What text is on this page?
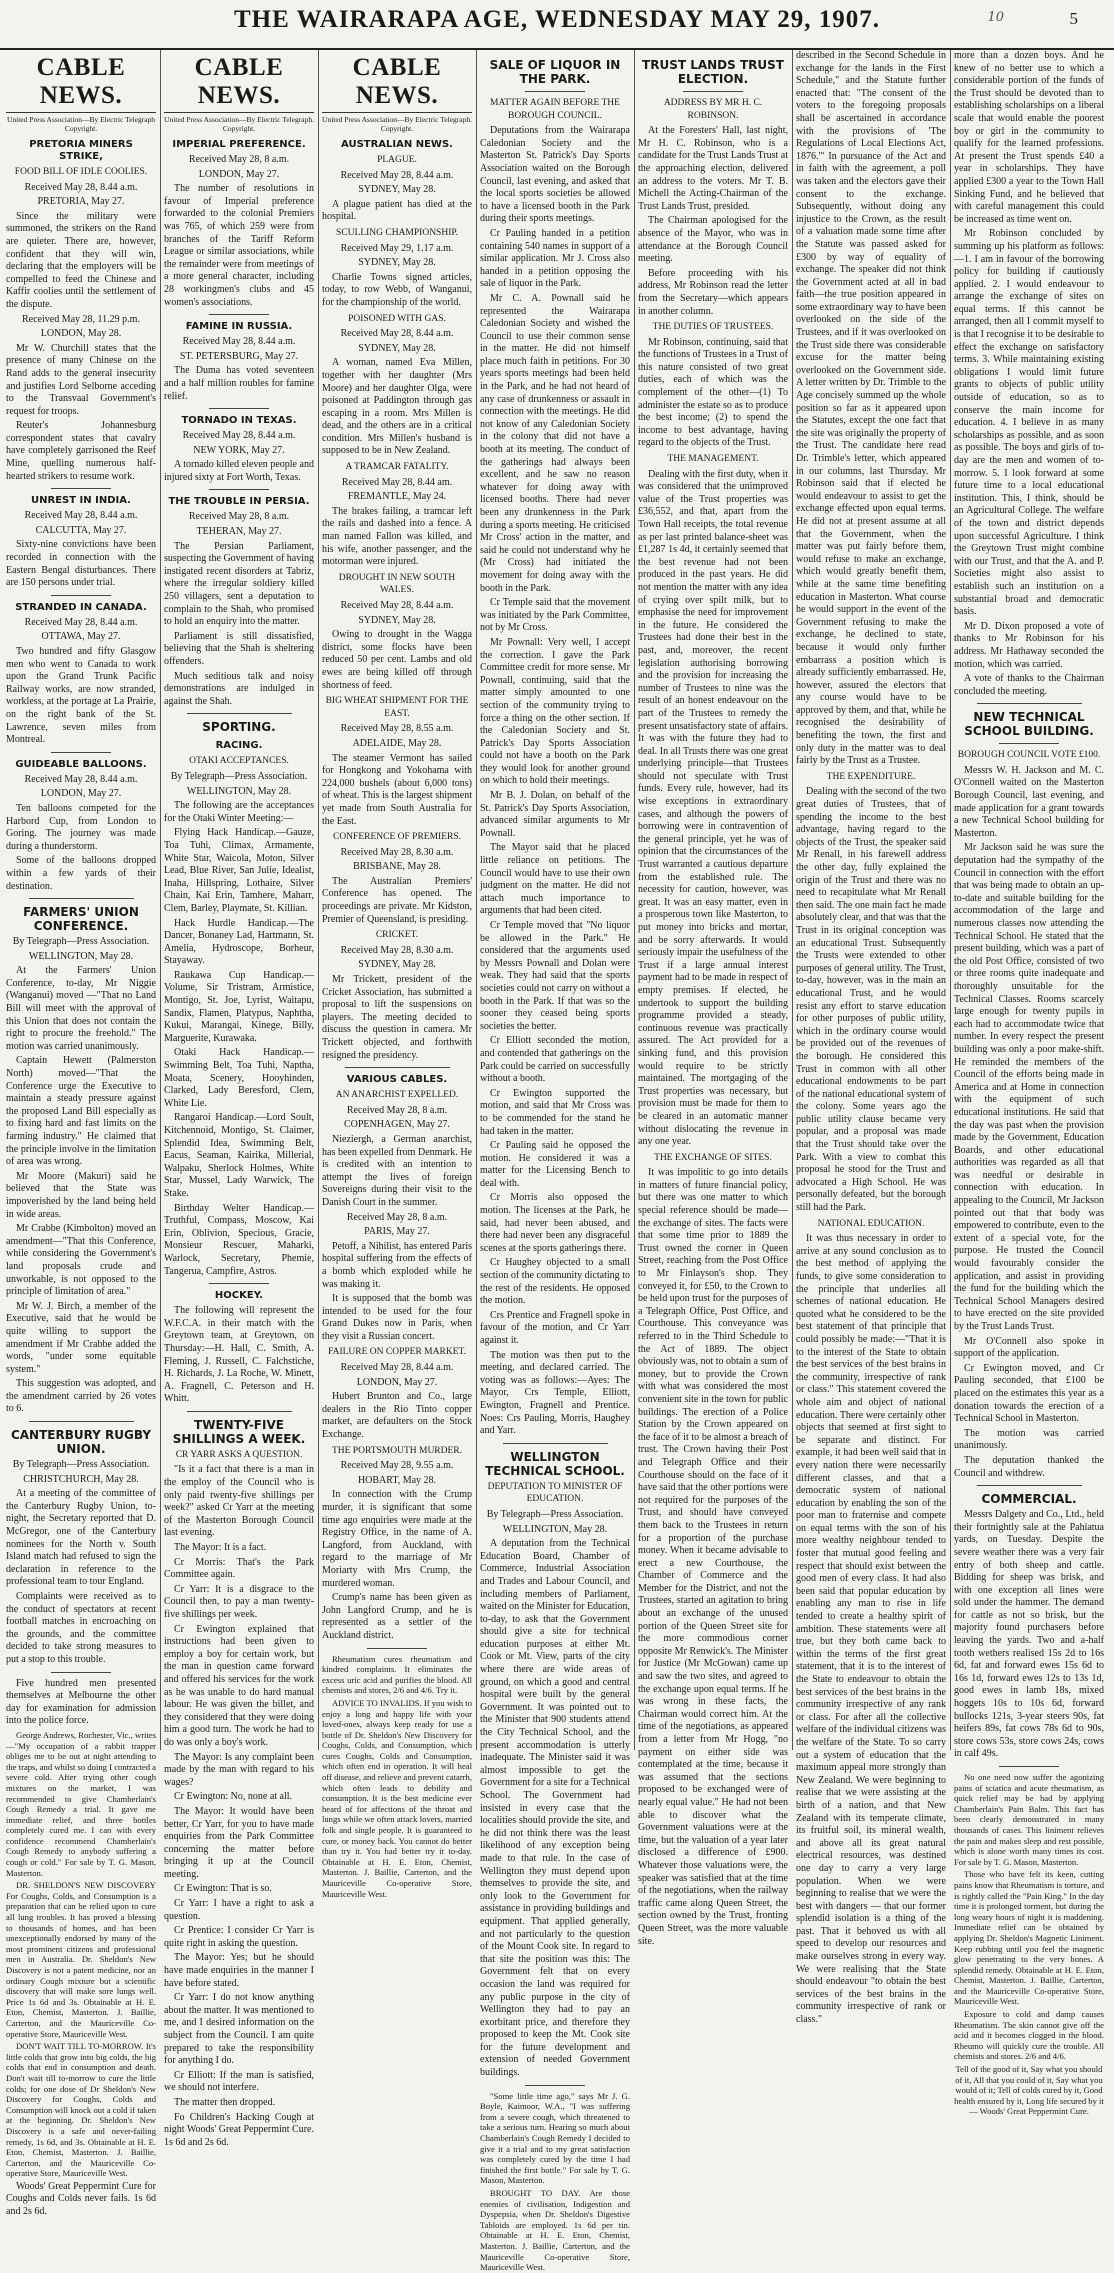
THE WAIRARAPA AGE, WEDNESDAY MAY 29, 1907.	10	5
CABLE NEWS.
United Press Association—By Electric Telegraph Copyright.
PRETORIA MINERS STRIKE,
FOOD BILL OF IDLE COOLIES.
Received May 28, 8.44 a.m.
PRETORIA, May 27.

Since the military were summoned, the strikers on the Rand are quieter. There are, however, confident that they will win, declaring that the employers will be compelled to feed the Chinese and Kaffir coolies until the settlement of the dispute.

Received May 28, 11.29 p.m.
LONDON, May 28.

Mr W. Churchill states that the presence of many Chinese on the Rand adds to the general insecurity and justifies Lord Selborne acceding to the Transvaal Government's request for troops.

Reuter's Johannesburg correspondent states that cavalry have completely garrisoned the Reef Mine, quelling numerous half-hearted strikers to resume work.

UNREST IN INDIA.
Received May 28, 8.44 a.m.
CALCUTTA, May 27.

Sixty-nine convictions have been recorded in connection with the Eastern Bengal disturbances. There are 150 persons under trial.

STRANDED IN CANADA.
Received May 28, 8.44 a.m.
OTTAWA, May 27.

Two hundred and fifty Glasgow men who went to Canada to work upon the Grand Trunk Pacific Railway works, are now stranded, workless, at the portage at La Prairie, on the right bank of the St. Lawrence, seven miles from Montreal.

GUIDEABLE BALLOONS.
Received May 28, 8.44 a.m.
LONDON, May 27.

Ten balloons competed for the Harbord Cup, from London to Goring. The journey was made during a thunderstorm.

Some of the balloons dropped within a few yards of their destination.

FARMERS' UNION CONFERENCE.
By Telegraph—Press Association.
WELLINGTON, May 28.

At the Farmers' Union Conference, to-day, Mr Niggie (Wanganui) moved —"That no Land Bill will meet with the approval of this Union that does not contain the right to procure the freehold." The motion was carried unanimously.

Captain Hewett (Palmerston North) moved—"That the Conference urge the Executive to maintain a steady pressure against the proposed Land Bill especially as to fixing hard and fast limits on the farming industry." He claimed that the principle involve in the limitation of area was wrong.

Mr Moore (Makuri) said he believed that the State was impoverished by the land being held in wide areas.

Mr Crabbe (Kimbolton) moved an amendment—"That this Conference, while considering the Government's land proposals crude and unworkable, is not opposed to the principle of limitation of area."

Mr W. J. Birch, a member of the Executive, said that he would be quite willing to support the amendment if Mr Crabbe added the words, "under some equitable system."

This suggestion was adopted, and the amendment carried by 26 votes to 6.

CANTERBURY RUGBY UNION.
By Telegraph—Press Association.
CHRISTCHURCH, May 28.

At a meeting of the committee of the Canterbury Rugby Union, to-night, the Secretary reported that D. McGregor, one of the Canterbury nominees for the North v. South Island match had refused to sign the declaration in reference to the professional team to tour England.

Complaints were received as to the conduct of spectators at recent football matches in encroaching on the grounds, and the committee decided to take strong measures to put a stop to this trouble.

Five hundred men presented themselves at Melbourne the other day for examination for admission into the police force.

George Andrews, Rochester, Vic., writes —"My occupation of a rabbit trapper obliges me to be out at night attending to the traps, and whilst so doing I contracted a severe cold. After trying other cough mixtures on the market, I was recommended to give Chamberlain's Cough Remedy a trial. It gave me immediate relief, and three bottles completely cured me. I can with every confidence recommend Chamberlain's Cough Remedy to anybody suffering a cough or cold." For sale by T. G. Mason, Masterton.

DR. SHELDON'S NEW DISCOVERY For Coughs, Colds, and Consumption is a preparation that can be relied upon to cure all lung troubles. It has proved a blessing to thousands of homes, and has been unexceptionally endorsed by many of the most prominent citizens and professional men in Australia. Dr. Sheldon's New Discovery is not a patent medicine, nor an ordinary Cough mixture but a scientific discovery that will make sore lungs well. Price 1s 6d and 3s. Obtainable at H. E. Eton, Chemist, Masterton. J. Baillie, Carterton, and the Mauriceville Co-operative Store, Mauriceville West.

DON'T WAIT TILL TO-MORROW. It's little colds that grow into big colds, the big colds that end in consumption and death. Don't wait till to-morrow to cure the little colds; for one dose of Dr Sheldon's New Discovery for Coughs, Colds and Consumption will knock out a cold if taken at the beginning. Dr. Sheldon's New Discovery is a safe and never-failing remedy, 1s 6d, and 3s. Obtainable at H. E. Eton, Chemist, Masterton. J. Baillie, Carterton, and the Mauriceville Co-operative Store, Mauriceville West.

Woods' Great Peppermint Cure for Coughs and Colds never fails. 1s 6d and 2s 6d.

CABLE NEWS.
United Press Association—By Electric Telegraph. Copyright.
IMPERIAL PREFERENCE.
Received May 28, 8 a.m.
LONDON, May 27.

The number of resolutions in favour of Imperial preference forwarded to the colonial Premiers was 765, of which 259 were from branches of the Tariff Reform League or similar associations, while the remainder were from meetings of a more general character, including 28 workingmen's clubs and 45 women's associations.

FAMINE IN RUSSIA.
Received May 28, 8.44 a.m.
ST. PETERSBURG, May 27.

The Duma has voted seventeen and a half million roubles for famine relief.

TORNADO IN TEXAS.
Received May 28, 8.44 a.m.
NEW YORK, May 27.

A tornado killed eleven people and injured sixty at Fort Worth, Texas.

THE TROUBLE IN PERSIA.
Received May 28, 8 a.m.
TEHERAN, May 27.

The Persian Parliament, suspecting the Government of having instigated recent disorders at Tabriz, where the irregular soldiery killed 250 villagers, sent a deputation to complain to the Shah, who promised to hold an enquiry into the matter.

Parliament is still dissatisfied, believing that the Shah is sheltering offenders.

Much seditious talk and noisy demonstrations are indulged in against the Shah.

SPORTING.
RACING.
OTAKI ACCEPTANCES.
By Telegraph—Press Association.
WELLINGTON, May 28.

The following are the acceptances for the Otaki Winter Meeting:—

Flying Hack Handicap.—Gauze, Toa Tuhi, Climax, Armamente, White Star, Waicola, Moton, Silver Lead, Blue River, San Julie, Idealist, Inaha, Hillspring, Lothaire, Silver Chain, Kai Erin, Tamhere, Maharr, Clem, Barley, Playmate, St. Killian.

Hack Hurdle Handicap.—The Dancer, Bonaney Lad, Hartmann, St. Amelia, Hydroscope, Borheur, Stayaway.

Raukawa Cup Handicap.—Volume, Sir Tristram, Armistice, Montigo, St. Joe, Lyrist, Waitapu, Sandix, Flamen, Platypus, Naphtha, Kukui, Marangai, Kinege, Billy, Marguerite, Kurawaka.

Otaki Hack Handicap.—Swimming Belt, Toa Tuhi, Naptha, Moata, Scenery, Hooyhinden, Clarked, Lady Beresford, Clem, White Lie.

Rangaroi Handicap.—Lord Soult, Kitchennoid, Montigo, St. Claimer, Splendid Idea, Swimming Belt, Eacus, Seaman, Kairika, Millerial, Walpaku, Sherlock Holmes, White Star, Mussel, Lady Warwick, The Stake.

Birthday Welter Handicap.—Truthful, Compass, Moscow, Kai Erin, Oblivion, Specious, Gracie, Monsieur Rescuer, Maharki, Warlock, Secretary, Phemie, Tangerua, Campfire, Astros.

HOCKEY.

The following will represent the W.F.C.A. in their match with the Greytown team, at Greytown, on Thursday:—H. Hall, C. Smith, A. Fleming, J. Russell, C. Falchstiche, H. Richards, J. La Roche, W. Minett, A. Fragnell, C. Peterson and H. Whitt.

TWENTY-FIVE SHILLINGS A WEEK.
CR YARR ASKS A QUESTION.

"Is it a fact that there is a man in the employ of the Council who is only paid twenty-five shillings per week?" asked Cr Yarr at the meeting of the Masterton Borough Council last evening.

The Mayor: It is a fact.

Cr Morris: That's the Park Committee again.

Cr Yarr: It is a disgrace to the Council then, to pay a man twenty-five shillings per week.

Cr Ewington explained that instructions had been given to employ a boy for certain work, but the man in question came forward and offered his services for the work as he was unable to do hard manual labour. He was given the billet, and they considered that they were doing him a good turn. The work he had to do was only a boy's work.

The Mayor: Is any complaint been made by the man with regard to his wages?

Cr Ewington: No, none at all.

The Mayor: It would have been better, Cr Yarr, for you to have made enquiries from the Park Committee concerning the matter before bringing it up at the Council meeting.

Cr Ewington: That is so.

Cr Yarr: I have a right to ask a question.

Cr Prentice: I consider Cr Yarr is quite right in asking the question.

The Mayor: Yes; but he should have made enquiries in the manner I have before stated.

Cr Yarr: I do not know anything about the matter. It was mentioned to me, and I desired information on the subject from the Council. I am quite prepared to take the responsibility for anything I do.

Cr Elliott: If the man is satisfied, we should not interfere.

The matter then dropped.

Fo Children's Hacking Cough at night Woods' Great Peppermint Cure. 1s 6d and 2s 6d.

CABLE NEWS.
United Press Association—By Electric Telegraph. Copyright.
AUSTRALIAN NEWS.
PLAGUE.
Received May 28, 8.44 a.m.
SYDNEY, May 28.

A plague patient has died at the hospital.

SCULLING CHAMPIONSHIP.
Received May 29, 1.17 a.m.
SYDNEY, May 28.

Charlie Towns signed articles, today, to row Webb, of Wanganui, for the championship of the world.

POISONED WITH GAS.
Received May 28, 8.44 a.m.
SYDNEY, May 28.

A woman, named Eva Millen, together with her daughter (Mrs Moore) and her daughter Olga, were poisoned at Paddington through gas escaping in a room. Mrs Millen is dead, and the others are in a critical condition. Mrs Millen's husband is supposed to be in New Zealand.

A TRAMCAR FATALITY.
Received May 28, 8.44 am.
FREMANTLE, May 24.

The brakes failing, a tramcar left the rails and dashed into a fence. A man named Fallon was killed, and his wife, another passenger, and the motorman were injured.

DROUGHT IN NEW SOUTH WALES.
Received May 28, 8.44 a.m.
SYDNEY, May 28.

Owing to drought in the Wagga district, some flocks have been reduced 50 per cent. Lambs and old ewes are being killed off through shortness of feed.

BIG WHEAT SHIPMENT FOR THE EAST.
Received May 28, 8.55 a.m.
ADELAIDE, May 28.

The steamer Vermont has sailed for Hongkong and Yokohama with 224,000 bushels (about 6,000 tons) of wheat. This is the largest shipment yet made from South Australia for the East.

CONFERENCE OF PREMIERS.
Received May 28, 8.30 a.m.
BRISBANE, May 28.

The Australian Premiers' Conference has opened. The proceedings are private. Mr Kidston, Premier of Queensland, is presiding.

CRICKET.
Received May 28, 8.30 a.m.
SYDNEY, May 28.

Mr Trickett, president of the Cricket Association, has submitted a proposal to lift the suspensions on players. The meeting decided to discuss the question in camera. Mr Trickett objected, and forthwith resigned the presidency.

VARIOUS CABLES.
AN ANARCHIST EXPELLED.
Received May 28, 8 a.m.
COPENHAGEN, May 27.

Nieziergh, a German anarchist, has been expelled from Denmark. He is credited with an intention to attempt the lives of foreign Sovereigns during their visit to the Danish Court in the summer.

Received May 28, 8 a.m.
PARIS, May 27.

Petoff, a Nihilist, has entered Paris hospital suffering from the effects of a bomb which exploded while he was making it.

It is supposed that the bomb was intended to be used for the four Grand Dukes now in Paris, when they visit a Russian concert.

FAILURE ON COPPER MARKET.
Received May 28, 8.44 a.m.
LONDON, May 27.

Hubert Brunton and Co., large dealers in the Rio Tinto copper market, are defaulters on the Stock Exchange.

THE PORTSMOUTH MURDER.
Received May 28, 9.55 a.m.
HOBART, May 28.

In connection with the Crump murder, it is significant that some time ago enquiries were made at the Registry Office, in the name of A. Langford, from Auckland, with regard to the marriage of Mr Moriarty with Mrs Crump, the murdered woman.

Crump's name has been given as John Langford Crump, and he is represented as a settler of the Auckland district.

Rheumatism cures rheumatism and kindred complaints. It eliminates the excess uric acid and purifies the blood. All chemists and stores, 2/6 and 4/6. Try it.

ADVICE TO INVALIDS. If you wish to enjoy a long and happy life with your loved-ones, always keep ready for use a bottle of Dr. Sheldon's New Discovery for Coughs, Colds, and Consumption, which cures Coughs, Colds and Consumption, which often end in operation. It will heal off disease, and relieve and prevent catarrh, which often leads to debility and consumption. It is the best medicine ever heard of for affections of the throat and lungs while we often attack lovers, married folk and single people. It is guaranteed to cure, or money back. You cannot do better than try it. You had better try it to-day. Obtainable at H. E. Eton, Chemist, Masterton. J. Baillie, Carterton, and the Mauriceville Co-operative Store, Mauriceville West.

SALE OF LIQUOR IN THE PARK.
MATTER AGAIN BEFORE THE BOROUGH COUNCIL.

Deputations from the Wairarapa Caledonian Society and the Masterton St. Patrick's Day Sports Association waited on the Borough Council, last evening, and asked that the local sports societies be allowed to have a licensed booth in the Park during their sports meetings.

Cr Pauling handed in a petition containing 540 names in support of a similar application. Mr J. Cross also handed in a petition opposing the sale of liquor in the Park.

Mr C. A. Pownall said he represented the Wairarapa Caledonian Society and wished the Council to use their common sense in the matter. He did not himself place much faith in petitions. For 30 years sports meetings had been held in the Park, and he had not heard of any case of drunkenness or assault in connection with the meetings. He did not know of any Caledonian Society in the colony that did not have a booth at its meeting. The conduct of the gatherings had always been excellent, and he saw no reason whatever for doing away with licensed booths. There had never been any drunkenness in the Park during a sports meeting. He criticised Mr Cross' action in the matter, and said he could not understand why he (Mr Cross) had initiated the movement for doing away with the booth in the Park.

Cr Temple said that the movement was initiated by the Park Committee, not by Mr Cross.

Mr Pownall: Very well, I accept the correction. I gave the Park Committee credit for more sense. Mr Pownall, continuing, said that the matter simply amounted to one section of the community trying to force a thing on the other section. If the Caledonian Society and St. Patrick's Day Sports Association could not have a booth on the Park they would look for another ground on which to hold their meetings.

Mr B. J. Dolan, on behalf of the St. Patrick's Day Sports Association, advanced similar arguments to Mr Pownall.

The Mayor said that he placed little reliance on petitions. The Council would have to use their own judgment on the matter. He did not attach much importance to arguments that had been cited.

Cr Temple moved that "No liquor be allowed in the Park." He considered that the arguments used by Messrs Pownall and Dolan were weak. They had said that the sports societies could not carry on without a booth in the Park. If that was so the sooner they ceased being sports societies the better.

Cr Elliott seconded the motion, and contended that gatherings on the Park could be carried on successfully without a booth.

Cr Ewington supported the motion, and said that Mr Cross was to be commended for the stand he had taken in the matter.

Cr Pauling said he opposed the motion. He considered it was a matter for the Licensing Bench to deal with.

Cr Morris also opposed the motion. The licenses at the Park, he said, had never been abused, and there had never been any disgraceful scenes at the sports gatherings there.

Cr Haughey objected to a small section of the community dictating to the rest of the residents. He opposed the motion.

Crs Prentice and Fragnell spoke in favour of the motion, and Cr Yarr against it.

The motion was then put to the meeting, and declared carried. The voting was as follows:—Ayes: The Mayor, Crs Temple, Elliott, Ewington, Fragnell and Prentice. Noes: Crs Pauling, Morris, Haughey and Yarr.

WELLINGTON TECHNICAL SCHOOL.
DEPUTATION TO MINISTER OF EDUCATION.
By Telegraph—Press Association.
WELLINGTON, May 28.

A deputation from the Technical Education Board, Chamber of Commerce, Industrial Association and Trades and Labour Council, and including members of Parliament, waited on the Minister for Education, to-day, to ask that the Government should give a site for technical education purposes at either Mt. Cook or Mt. View, parts of the city where there are wide areas of ground, on which a good and central hospital were built by the general Government. It was pointed out to the Minister that 900 students attend the City Technical School, and the present accommodation is utterly inadequate. The Minister said it was almost impossible to get the Government for a site for a Technical School. The Government had insisted in every case that the localities should provide the site, and he did not think there was the least likelihood of any exception being made to that rule. In the case of Wellington they must depend upon themselves to provide the site, and only look to the Government for assistance in providing buildings and equipment. That applied generally, and not particularly to the question of the Mount Cook site. In regard to that site the position was this: The Government felt that on every occasion the land was required for any public purpose in the city of Wellington they had to pay an exorbitant price, and therefore they proposed to keep the Mt. Cook site for the future development and extension of needed Government buildings.

"Some little time ago," says Mr J. G. Boyle, Kaimoor, W.A., "I was suffering from a severe cough, which threatened to take a serious turn. Hearing so much about Chamberlain's Cough Remedy I decided to give it a trial and to my great satisfaction was completely cured by the time I had finished the first bottle." For sale by T. G. Mason, Masterton.

BROUGHT TO DAY. Are those enemies of civilisation, Indigestion and Dyspepsia, when Dr. Sheldon's Digestive Tabloids are employed. 1s 6d per tin. Obtainable at H. E. Eton, Chemist, Masterton. J. Baillie, Carterton, and the Mauriceville Co-operative Store, Mauriceville West.

TRUST LANDS TRUST ELECTION.
ADDRESS BY MR H. C. ROBINSON.

At the Foresters' Hall, last night, Mr H. C. Robinson, who is a candidate for the Trust Lands Trust at the approaching election, delivered an address to the voters. Mr T. B. Michell the Acting-Chairman of the Trust Lands Trust, presided.

The Chairman apologised for the absence of the Mayor, who was in attendance at the Borough Council meeting.

Before proceeding with his address, Mr Robinson read the letter from the Secretary—which appears in another column.

THE DUTIES OF TRUSTEES.

Mr Robinson, continuing, said that the functions of Trustees in a Trust of this nature consisted of two great duties, each of which was the complement of the other—(1) To administer the estate so as to produce the best income; (2) to spend the income to best advantage, having regard to the objects of the Trust.

THE MANAGEMENT.

Dealing with the first duty, when it was considered that the unimproved value of the Trust properties was £36,552, and that, apart from the Town Hall receipts, the total revenue as per last printed balance-sheet was £1,287 1s 4d, it certainly seemed that the best revenue had not been produced in the past years. He did not mention the matter with any idea of crying over spilt milk, but to emphasise the need for improvement in the future. He considered the Trustees had done their best in the past, and, moreover, the recent legislation authorising borrowing and the provision for increasing the number of Trustees to nine was the result of an honest endeavour on the part of the Trustees to remedy the present unsatisfactory state of affairs. It was with the future they had to deal. In all Trusts there was one great underlying principle—that Trustees should not speculate with Trust funds. Every rule, however, had its wise exceptions in extraordinary cases, and although the powers of borrowing were in contravention of the general principle, yet he was of opinion that the circumstances of the Trust warranted a cautious departure from the established rule. The necessity for caution, however, was great. It was an easy matter, even in a prosperous town like Masterton, to put money into bricks and mortar, and be sorry afterwards. It would seriously impair the usefulness of the Trust if a large annual interest payment had to be made in respect of empty premises. If elected, he undertook to support the building programme provided a steady, continuous revenue was practically assured. The Act provided for a sinking fund, and this provision would require to be strictly maintained. The mortgaging of the Trust properties was necessary, but provision must be made for them to be cleared in an automatic manner without dislocating the revenue in any one year.

THE EXCHANGE OF SITES.

It was impolitic to go into details in matters of future financial policy, but there was one matter to which special reference should be made—the exchange of sites. The facts were that some time prior to 1889 the Trust owned the corner in Queen Street, reaching from the Post Office to Mr Finlayson's shop. They conveyed it, for £50, to the Crown to be held upon trust for the purposes of a Telegraph Office, Post Office, and Courthouse. This conveyance was referred to in the Third Schedule to the Act of 1889. The object obviously was, not to obtain a sum of money, but to provide the Crown with what was considered the most convenient site in the town for public buildings. The erection of a Police Station by the Crown appeared on the face of it to be almost a breach of trust. The Crown having their Post and Telegraph Office and their Courthouse should on the face of it have said that the other portions were not required for the purposes of the Trust, and should have conveyed them back to the Trustees in return for a proportion of the purchase money. When it became advisable to erect a new Courthouse, the Chamber of Commerce and the Member for the District, and not the Trustees, started an agitation to bring about an exchange of the unused portion of the Queen Street site for the more commodious corner opposite Mr Renwick's. The Minister for Justice (Mr McGowan) came up and saw the two sites, and agreed to the exchange upon equal terms. If he was wrong in these facts, the Chairman would correct him. At the time of the negotiations, as appeared from a letter from Mr Hogg, "no payment on either side was contemplated at the time, because it was assumed that the sections proposed to be exchanged were of nearly equal value." He had not been able to discover what the Government valuations were at the time, but the valuation of a year later disclosed a difference of £900. Whatever those valuations were, the speaker was satisfied that at the time of the negotiations, when the railway traffic came along Queen Street, the section owned by the Trust, fronting Queen Street, was the more valuable site.

described in the Second Schedule in exchange for the lands in the First Schedule," and the Statute further enacted that: "The consent of the voters to the foregoing proposals shall be ascertained in accordance with the provisions of 'The Regulations of Local Elections Act, 1876.'" In pursuance of the Act and in faith with the agreement, a poll was taken and the electors gave their consent to the exchange. Subsequently, without doing any injustice to the Crown, as the result of a valuation made some time after the Statute was passed asked for £300 by way of equality of exchange. The speaker did not think the Government acted at all in bad faith—the true position appeared in some extraordinary way to have been overlooked on the side of the Trustees, and if it was overlooked on the Trust side there was considerable excuse for the matter being overlooked on the Government side. A letter written by Dr. Trimble to the Age concisely summed up the whole position so far as it appeared upon the Statutes, except the one fact that the site was originally the property of the Trust. The candidate here read Dr. Trimble's letter, which appeared in our columns, last Thursday. Mr Robinson said that if elected he would endeavour to assist to get the exchange effected upon equal terms. He did not at present assume at all that the Government, when the matter was put fairly before them, would refuse to make an exchange, which would greatly benefit them, while at the same time benefiting education in Masterton. What course he would support in the event of the Government refusing to make the exchange, he declined to state, because it would only further embarrass a position which is already sufficiently embarrassed. He, however, assured the electors that any course would have to be approved by them, and that, while he recognised the desirability of benefiting the town, the first and only duty in the matter was to deal fairly by the Trust as a Trustee.

THE EXPENDITURE.

Dealing with the second of the two great duties of Trustees, that of spending the income to the best advantage, having regard to the objects of the Trust, the speaker said Mr Renall, in his farewell address the other day, fully explained the origin of the Trust and there was no need to recapitulate what Mr Renall then said. The one main fact he made absolutely clear, and that was that the Trust in its original conception was an educational Trust. Subsequently the Trusts were extended to other purposes of general utility. The Trust, to-day, however, was in the main an educational Trust, and he would resist any effort to starve education for other purposes of public utility, which in the ordinary course would be provided out of the revenues of the borough. He considered this Trust in common with all other educational endowments to be part of the national educational system of the colony. Some years ago the public utility clause became very popular, and a proposal was made that the Trust should take over the Park. With a view to combat this proposal he stood for the Trust and advocated a High School. He was personally defeated, but the borough still had the Park.

NATIONAL EDUCATION.

It was thus necessary in order to arrive at any sound conclusion as to the best method of applying the funds, to give some consideration to the principle that underlies all schemes of national education. He quoted what he considered to be the best statement of that principle that could possibly be made:—"That it is to the interest of the State to obtain the best services of the best brains in the community, irrespective of rank or class." This statement covered the whole aim and object of national education. There were certainly other objects that seemed at first sight to be separate and distinct. For example, it had been well said that in every nation there were necessarily different classes, and that a democratic system of national education by enabling the son of the poor man to fraternise and compete on equal terms with the son of his more wealthy neighbour tended to foster that mutual good feeling and respect that should exist between the good men of every class. It had also been said that popular education by enabling any man to rise in life tended to create a healthy spirit of ambition. These statements were all true, but they both came back to within the terms of the first great statement, that it is to the interest of the State to endeavour to obtain the best services of the best brains in the community irrespective of any rank or class. For after all the collective welfare of the individual citizens was the welfare of the State. To so carry out a system of education that the maximum appeal more strongly than New Zealand. We were beginning to realise that we were assisting at the birth of a nation, and that New Zealand with its temperate climate, its fruitful soil, its mineral wealth, and above all its great natural electrical resources, was destined one day to carry a very large population. When we were beginning to realise that we were the best with dangers — that our former splendid isolation is a thing of the past. That it behoved us with all speed to develop our resources and make ourselves strong in every way. We were realising that the State should endeavour "to obtain the best services of the best brains in the community irrespective of rank or class."

more than a dozen boys. And he knew of no better use to which a considerable portion of the funds of the Trust should be devoted than to establishing scholarships on a liberal scale that would enable the poorest boy or girl in the community to qualify for the learned professions. At present the Trust spends £40 a year in scholarships. They have applied £300 a year to the Town Hall Sinking Fund, and he believed that with careful management this could be increased as time went on.

Mr Robinson concluded by summing up his platform as follows:—1. I am in favour of the borrowing policy for building if cautiously applied. 2. I would endeavour to arrange the exchange of sites on equal terms. If this cannot be arranged, then all I commit myself to is that I recognise it to be desirable to effect the exchange on satisfactory terms. 3. While maintaining existing obligations I would limit future grants to objects of public utility outside of education, so as to conserve the main income for education. 4. I believe in as many scholarships as possible, and as soon as possible. The boys and girls of to-day are the men and women of to-morrow. 5. I look forward at some future time to a local educational institution. This, I think, should be an Agricultural College. The welfare of the town and district depends upon successful Agriculture. I think the Greytown Trust might combine with our Trust, and that the A. and P. Societies might also assist to establish such an institution on a substantial broad and democratic basis.

Mr D. Dixon proposed a vote of thanks to Mr Robinson for his address. Mr Hathaway seconded the motion, which was carried.

A vote of thanks to the Chairman concluded the meeting.

NEW TECHNICAL SCHOOL BUILDING.
BOROUGH COUNCIL VOTE £100.

Messrs W. H. Jackson and M. C. O'Connell waited on the Masterton Borough Council, last evening, and made application for a grant towards a new Technical School building for Masterton.

Mr Jackson said he was sure the deputation had the sympathy of the Council in connection with the effort that was being made to obtain an up-to-date and suitable building for the accommodation of the large and numerous classes now attending the Technical School. He stated that the present building, which was a part of the old Post Office, consisted of two or three rooms quite inadequate and thoroughly unsuitable for the Technical Classes. Rooms scarcely large enough for twenty pupils in each had to accommodate twice that number. In every respect the present building was only a poor make-shift. He reminded the members of the Council of the efforts being made in America and at Home in connection with the equipment of such educational institutions. He said that the day was past when the provision made by the Government, Education Boards, and other educational authorities was regarded as all that was needful or desirable in connection with education. In appealing to the Council, Mr Jackson pointed out that that body was empowered to contribute, even to the extent of a special vote, for the purpose. He trusted the Council would favourably consider the application, and assist in providing the fund for the building which the Technical School Managers desired to have erected on the site provided by the Trust Lands Trust.

Mr O'Connell also spoke in support of the application.

Cr Ewington moved, and Cr Pauling seconded, that £100 be placed on the estimates this year as a donation towards the erection of a Technical School in Masterton.

The motion was carried unanimously.

The deputation thanked the Council and withdrew.

COMMERCIAL.

Messrs Dalgety and Co., Ltd., held their fortnightly sale at the Pahiatua yards, on Tuesday. Despite the severe weather there was a very fair entry of both sheep and cattle. Bidding for sheep was brisk, and with one exception all lines were sold under the hammer. The demand for cattle as not so brisk, but the majority found purchasers before leaving the yards. Two and a-half tooth wethers realised 15s 2d to 16s 6d, fat and forward ewes 15s 6d to 16s 1d, forward ewes 12s to 13s 1d, good ewes in lamb 18s, mixed hoggets 10s to 10s 6d, forward bullocks 121s, 3-year steers 90s, fat heifers 89s, fat cows 78s 6d to 90s, store cows 53s, store cows 24s, cows in calf 49s.

No one need now suffer the agonizing pains of sciatica and acute rheumatism, as quick relief may be had by applying Chamberlain's Pain Balm. This fact has been clearly demonstrated in many thousands of cases. This liniment relieves the pain and makes sleep and rest possible, which is alone worth many times its cost. For sale by T. G. Mason, Masterton.

Those who have felt its keen, cutting pains know that Rheumatism is torture, and is rightly called the "Pain King." In the day time it is prolonged torment, but during the long weary hours of night it is maddening. Immediate relief can be obtained by applying Dr. Sheldon's Magnetic Liniment. Keep rubbing until you feel the magnetic glow penetrating to the very bones. A splendid remedy. Obtainable at H. E. Eton, Chemist, Masterton. J. Baillie, Carterton, and the Mauriceville Co-operative Store, Mauriceville West.

Exposure to cold and damp causes Rheumatism. The skin cannot give off the acid and it becomes clogged in the blood. Rheumo will quickly cure the trouble. All chemists and stores. 2/6 and 4/6.

Tell of the good of it, Say what you should of it, All that you could of it, Say what you would of it; Tell of colds cured by it, Good health ensured by it, Long life secured by it— Woods' Great Peppermint Cure.
